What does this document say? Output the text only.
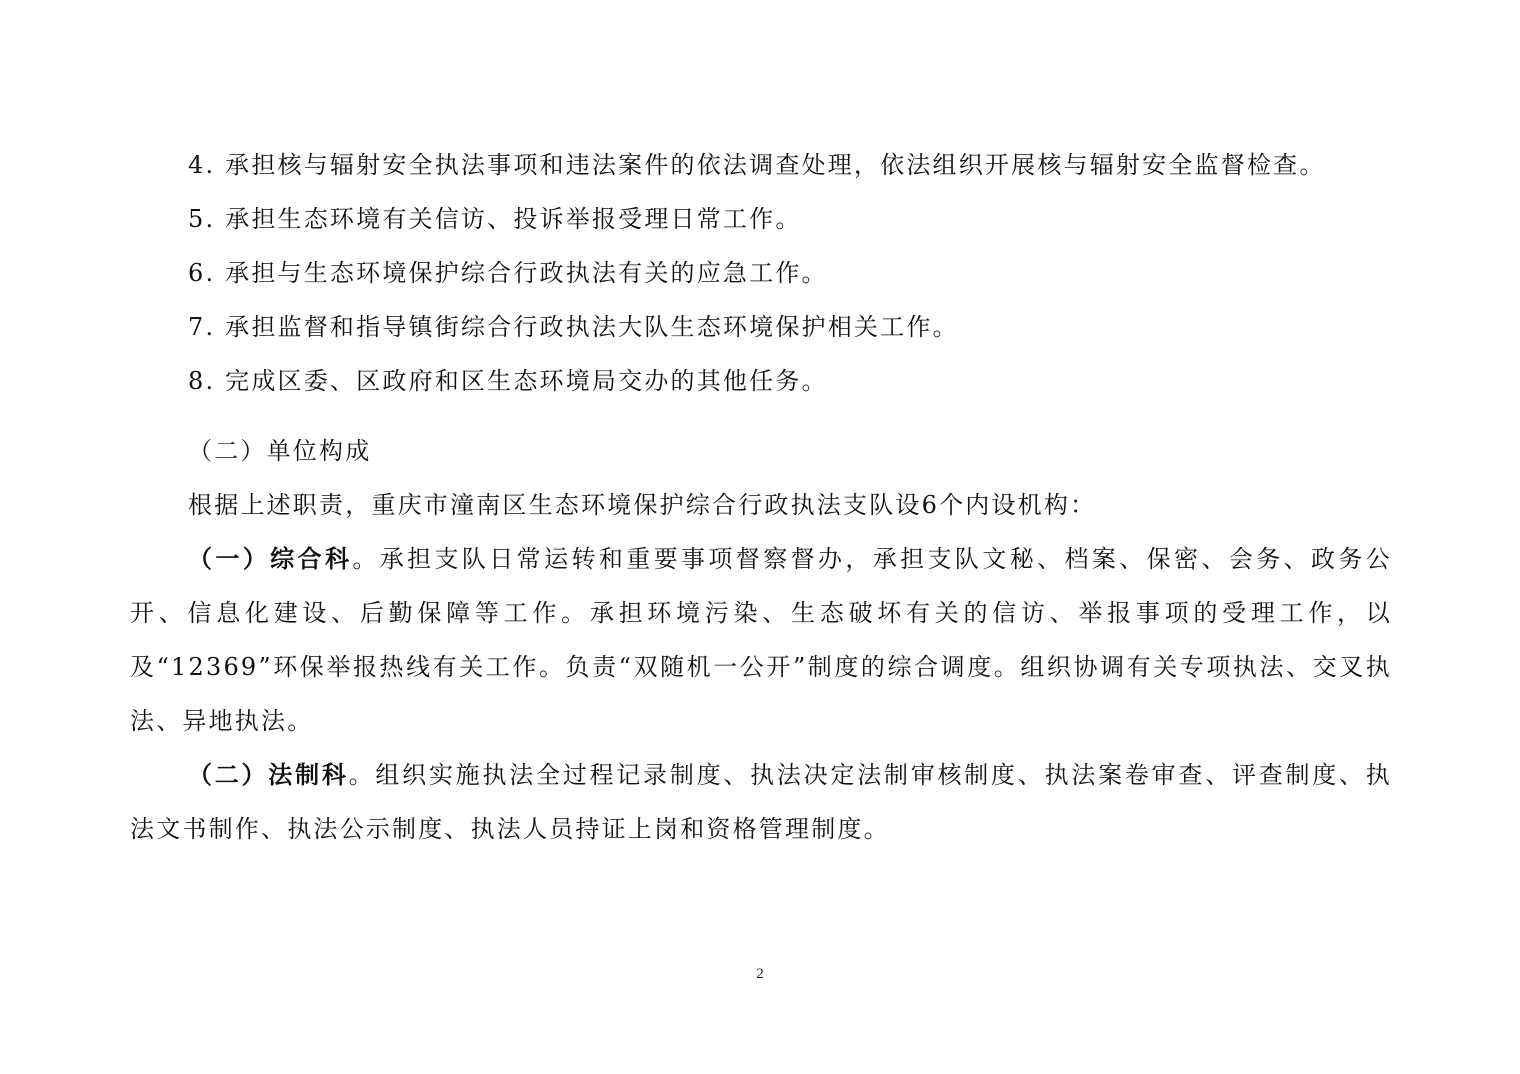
4. 承担核与辐射安全执法事项和违法案件的依法调查处理，依法组织开展核与辐射安全监督检查。

5. 承担生态环境有关信访、投诉举报受理日常工作。

6. 承担与生态环境保护综合行政执法有关的应急工作。

7. 承担监督和指导镇街综合行政执法大队生态环境保护相关工作。

8. 完成区委、区政府和区生态环境局交办的其他任务。

（二）单位构成

根据上述职责，重庆市潼南区生态环境保护综合行政执法支队设6个内设机构：

（一）综合科。承担支队日常运转和重要事项督察督办，承担支队文秘、档案、保密、会务、政务公开、信息化建设、后勤保障等工作。承担环境污染、生态破坏有关的信访、举报事项的受理工作，以及“12369”环保举报热线有关工作。负责“双随机一公开”制度的综合调度。组织协调有关专项执法、交叉执法、异地执法。

（二）法制科。组织实施执法全过程记录制度、执法决定法制审核制度、执法案卷审查、评查制度、执法文书制作、执法公示制度、执法人员持证上岗和资格管理制度。

2
